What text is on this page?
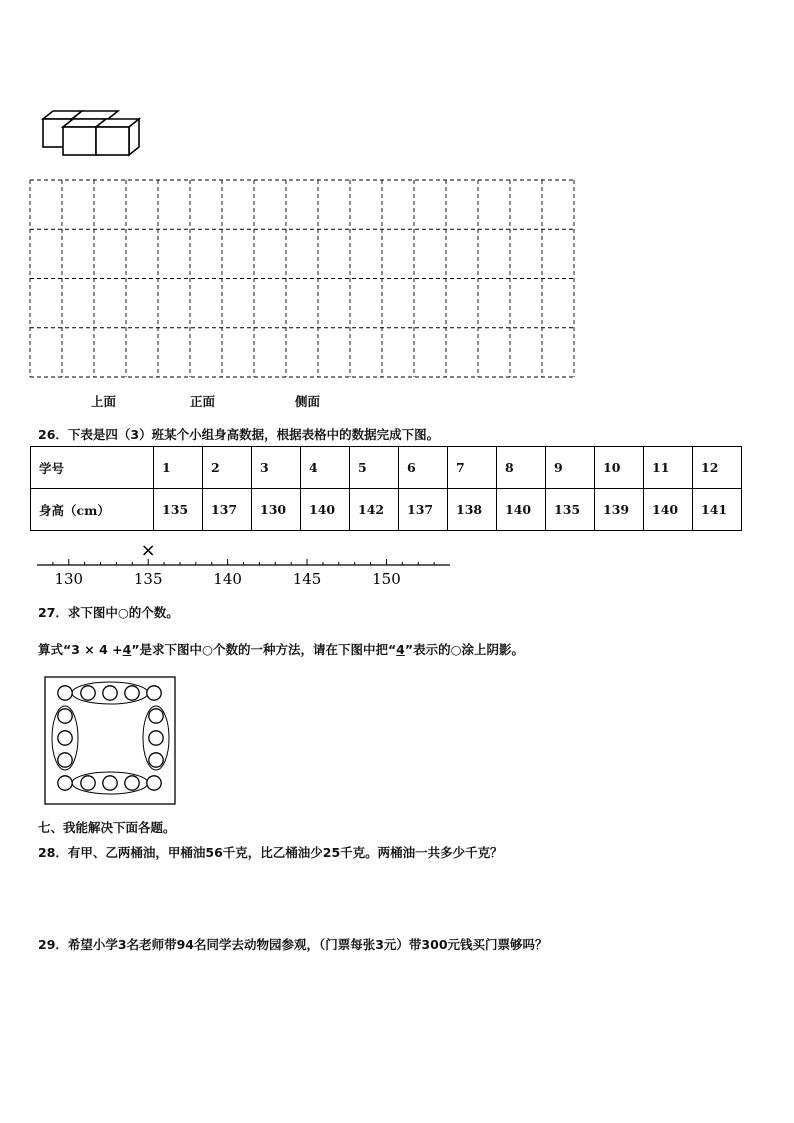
上面	正面	侧面
26．下表是四（3）班某个小组身高数据，根据表格中的数据完成下图。
学号	1	2	3	4	5	6	7	8	9	10	11	12
身高（cm）	135	137	130	140	142	137	138	140	135	139	140	141
130	135	140	145	150
×
27．求下图中○的个数。
算式“3 × 4 +4”是求下图中○个数的一种方法，请在下图中把“4”表示的○涂上阴影。
七、我能解决下面各题。
28．有甲、乙两桶油，甲桶油56千克，比乙桶油少25千克。两桶油一共多少千克？
29．希望小学3名老师带94名同学去动物园参观，（门票每张3元）带300元钱买门票够吗？
